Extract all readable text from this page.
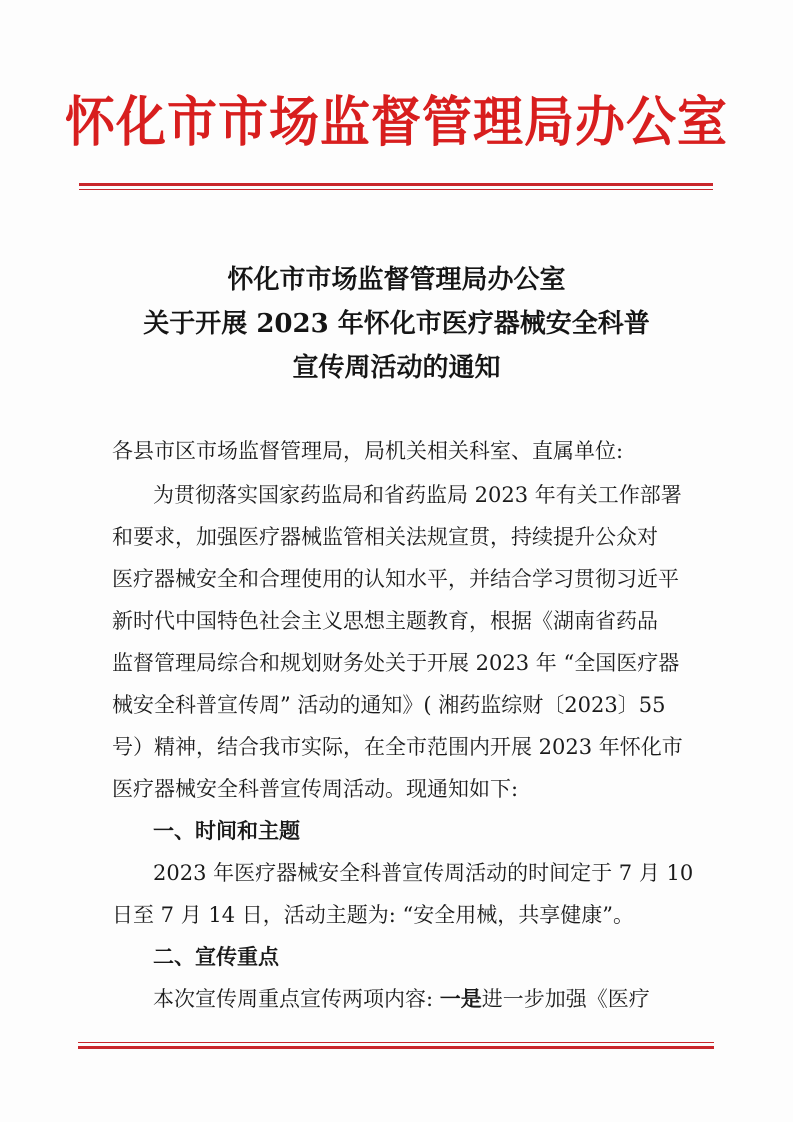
怀化市市场监督管理局办公室
怀化市市场监督管理局办公室
关于开展 2023 年怀化市医疗器械安全科普
宣传周活动的通知
各县市区市场监督管理局，局机关相关科室、直属单位:
为贯彻落实国家药监局和省药监局 2023 年有关工作部署
和要求，加强医疗器械监管相关法规宣贯，持续提升公众对
医疗器械安全和合理使用的认知水平，并结合学习贯彻习近平
新时代中国特色社会主义思想主题教育，根据《湖南省药品
监督管理局综合和规划财务处关于开展 2023 年 “全国医疗器
械安全科普宣传周” 活动的通知》( 湘药监综财〔2023〕55
号）精神，结合我市实际，在全市范围内开展 2023 年怀化市
医疗器械安全科普宣传周活动。现通知如下:
一、时间和主题
2023 年医疗器械安全科普宣传周活动的时间定于 7 月 10
日至 7 月 14 日，活动主题为: “安全用械，共享健康”。
二、宣传重点
本次宣传周重点宣传两项内容: 一是进一步加强《医疗
